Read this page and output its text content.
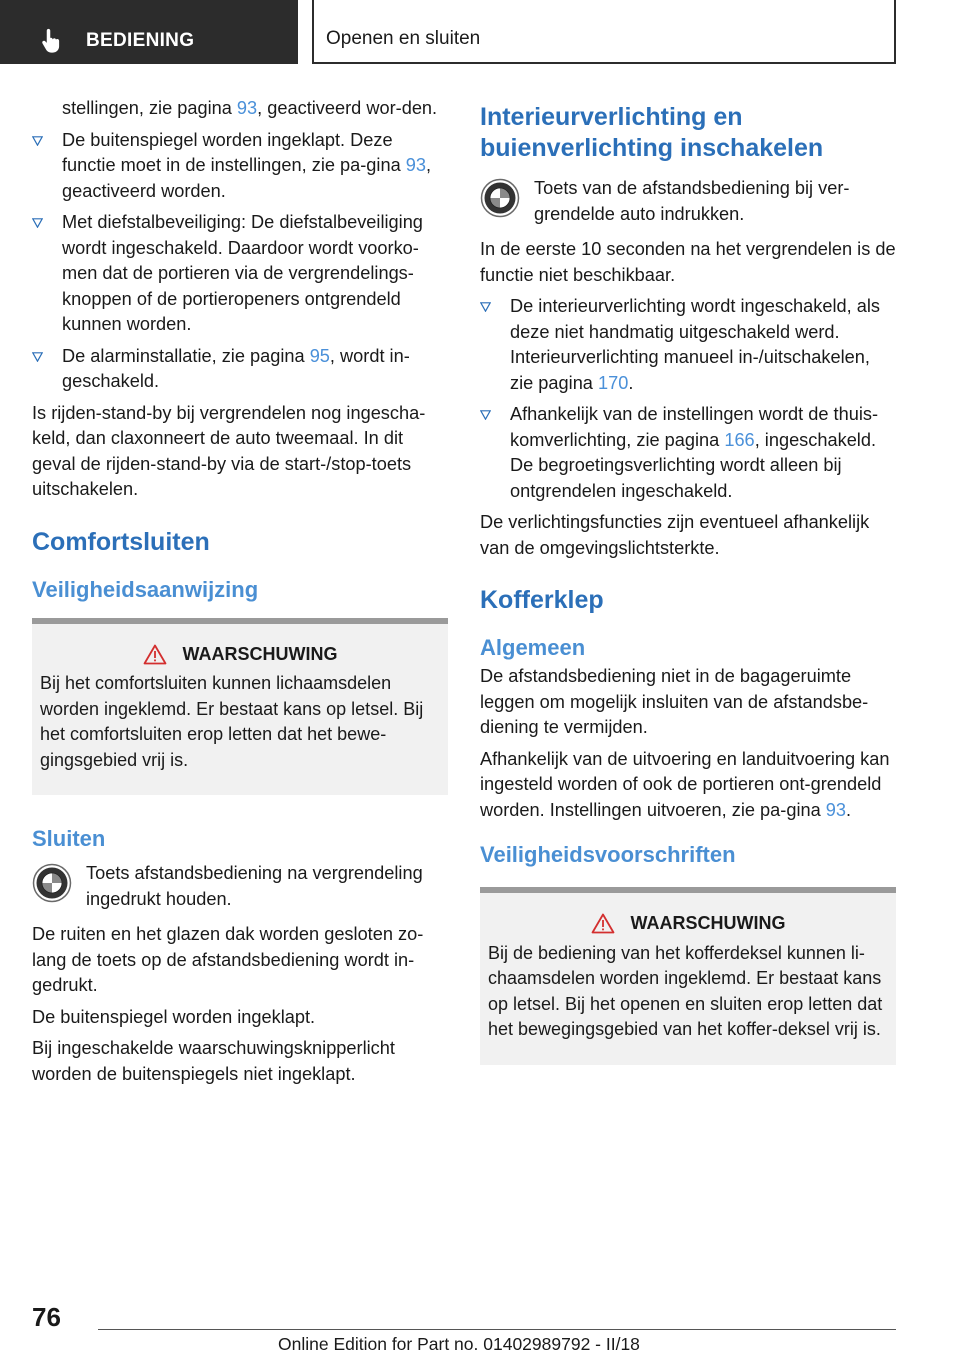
BEDIENING	Openen en sluiten

stellingen, zie pagina 93, geactiveerd wor-den.

De buitenspiegel worden ingeklapt. Deze functie moet in de instellingen, zie pa-gina 93, geactiveerd worden.
Met diefstalbeveiliging: De diefstalbeveiliging wordt ingeschakeld. Daardoor wordt voorko-men dat de portieren via de vergrendelings-knoppen of de portieropeners ontgrendeld kunnen worden.
De alarminstallatie, zie pagina 95, wordt in-geschakeld.

Is rijden-stand-by bij vergrendelen nog ingescha-keld, dan claxonneert de auto tweemaal. In dit geval de rijden-stand-by via de start-/stop-toets uitschakelen.

Comfortsluiten
Veiligheidsaanwijzing
WAARSCHUWING
Bij het comfortsluiten kunnen lichaamsdelen worden ingeklemd. Er bestaat kans op letsel. Bij het comfortsluiten erop letten dat het bewe-gingsgebied vrij is.
Sluiten
Toets afstandsbediening na vergrendeling ingedrukt houden.

De ruiten en het glazen dak worden gesloten zo-lang de toets op de afstandsbediening wordt in-gedrukt.

De buitenspiegel worden ingeklapt.

Bij ingeschakelde waarschuwingsknipperlicht worden de buitenspiegels niet ingeklapt.

Interieurverlichting en buienverlichting inschakelen
Toets van de afstandsbediening bij ver-grendelde auto indrukken.

In de eerste 10 seconden na het vergrendelen is de functie niet beschikbaar.

De interieurverlichting wordt ingeschakeld, als deze niet handmatig uitgeschakeld werd. Interieurverlichting manueel in-/uitschakelen, zie pagina 170.
Afhankelijk van de instellingen wordt de thuis-komverlichting, zie pagina 166, ingeschakeld. De begroetingsverlichting wordt alleen bij ontgrendelen ingeschakeld.

De verlichtingsfuncties zijn eventueel afhankelijk van de omgevingslichtsterkte.

Kofferklep
Algemeen

De afstandsbediening niet in de bagageruimte leggen om mogelijk insluiten van de afstandsbe-diening te vermijden.

Afhankelijk van de uitvoering en landuitvoering kan ingesteld worden of ook de portieren ont-grendeld worden. Instellingen uitvoeren, zie pa-gina 93.

Veiligheidsvoorschriften
WAARSCHUWING
Bij de bediening van het kofferdeksel kunnen li-chaamsdelen worden ingeklemd. Er bestaat kans op letsel. Bij het openen en sluiten erop letten dat het bewegingsgebied van het koffer-deksel vrij is.
76
Online Edition for Part no. 01402989792 - II/18
